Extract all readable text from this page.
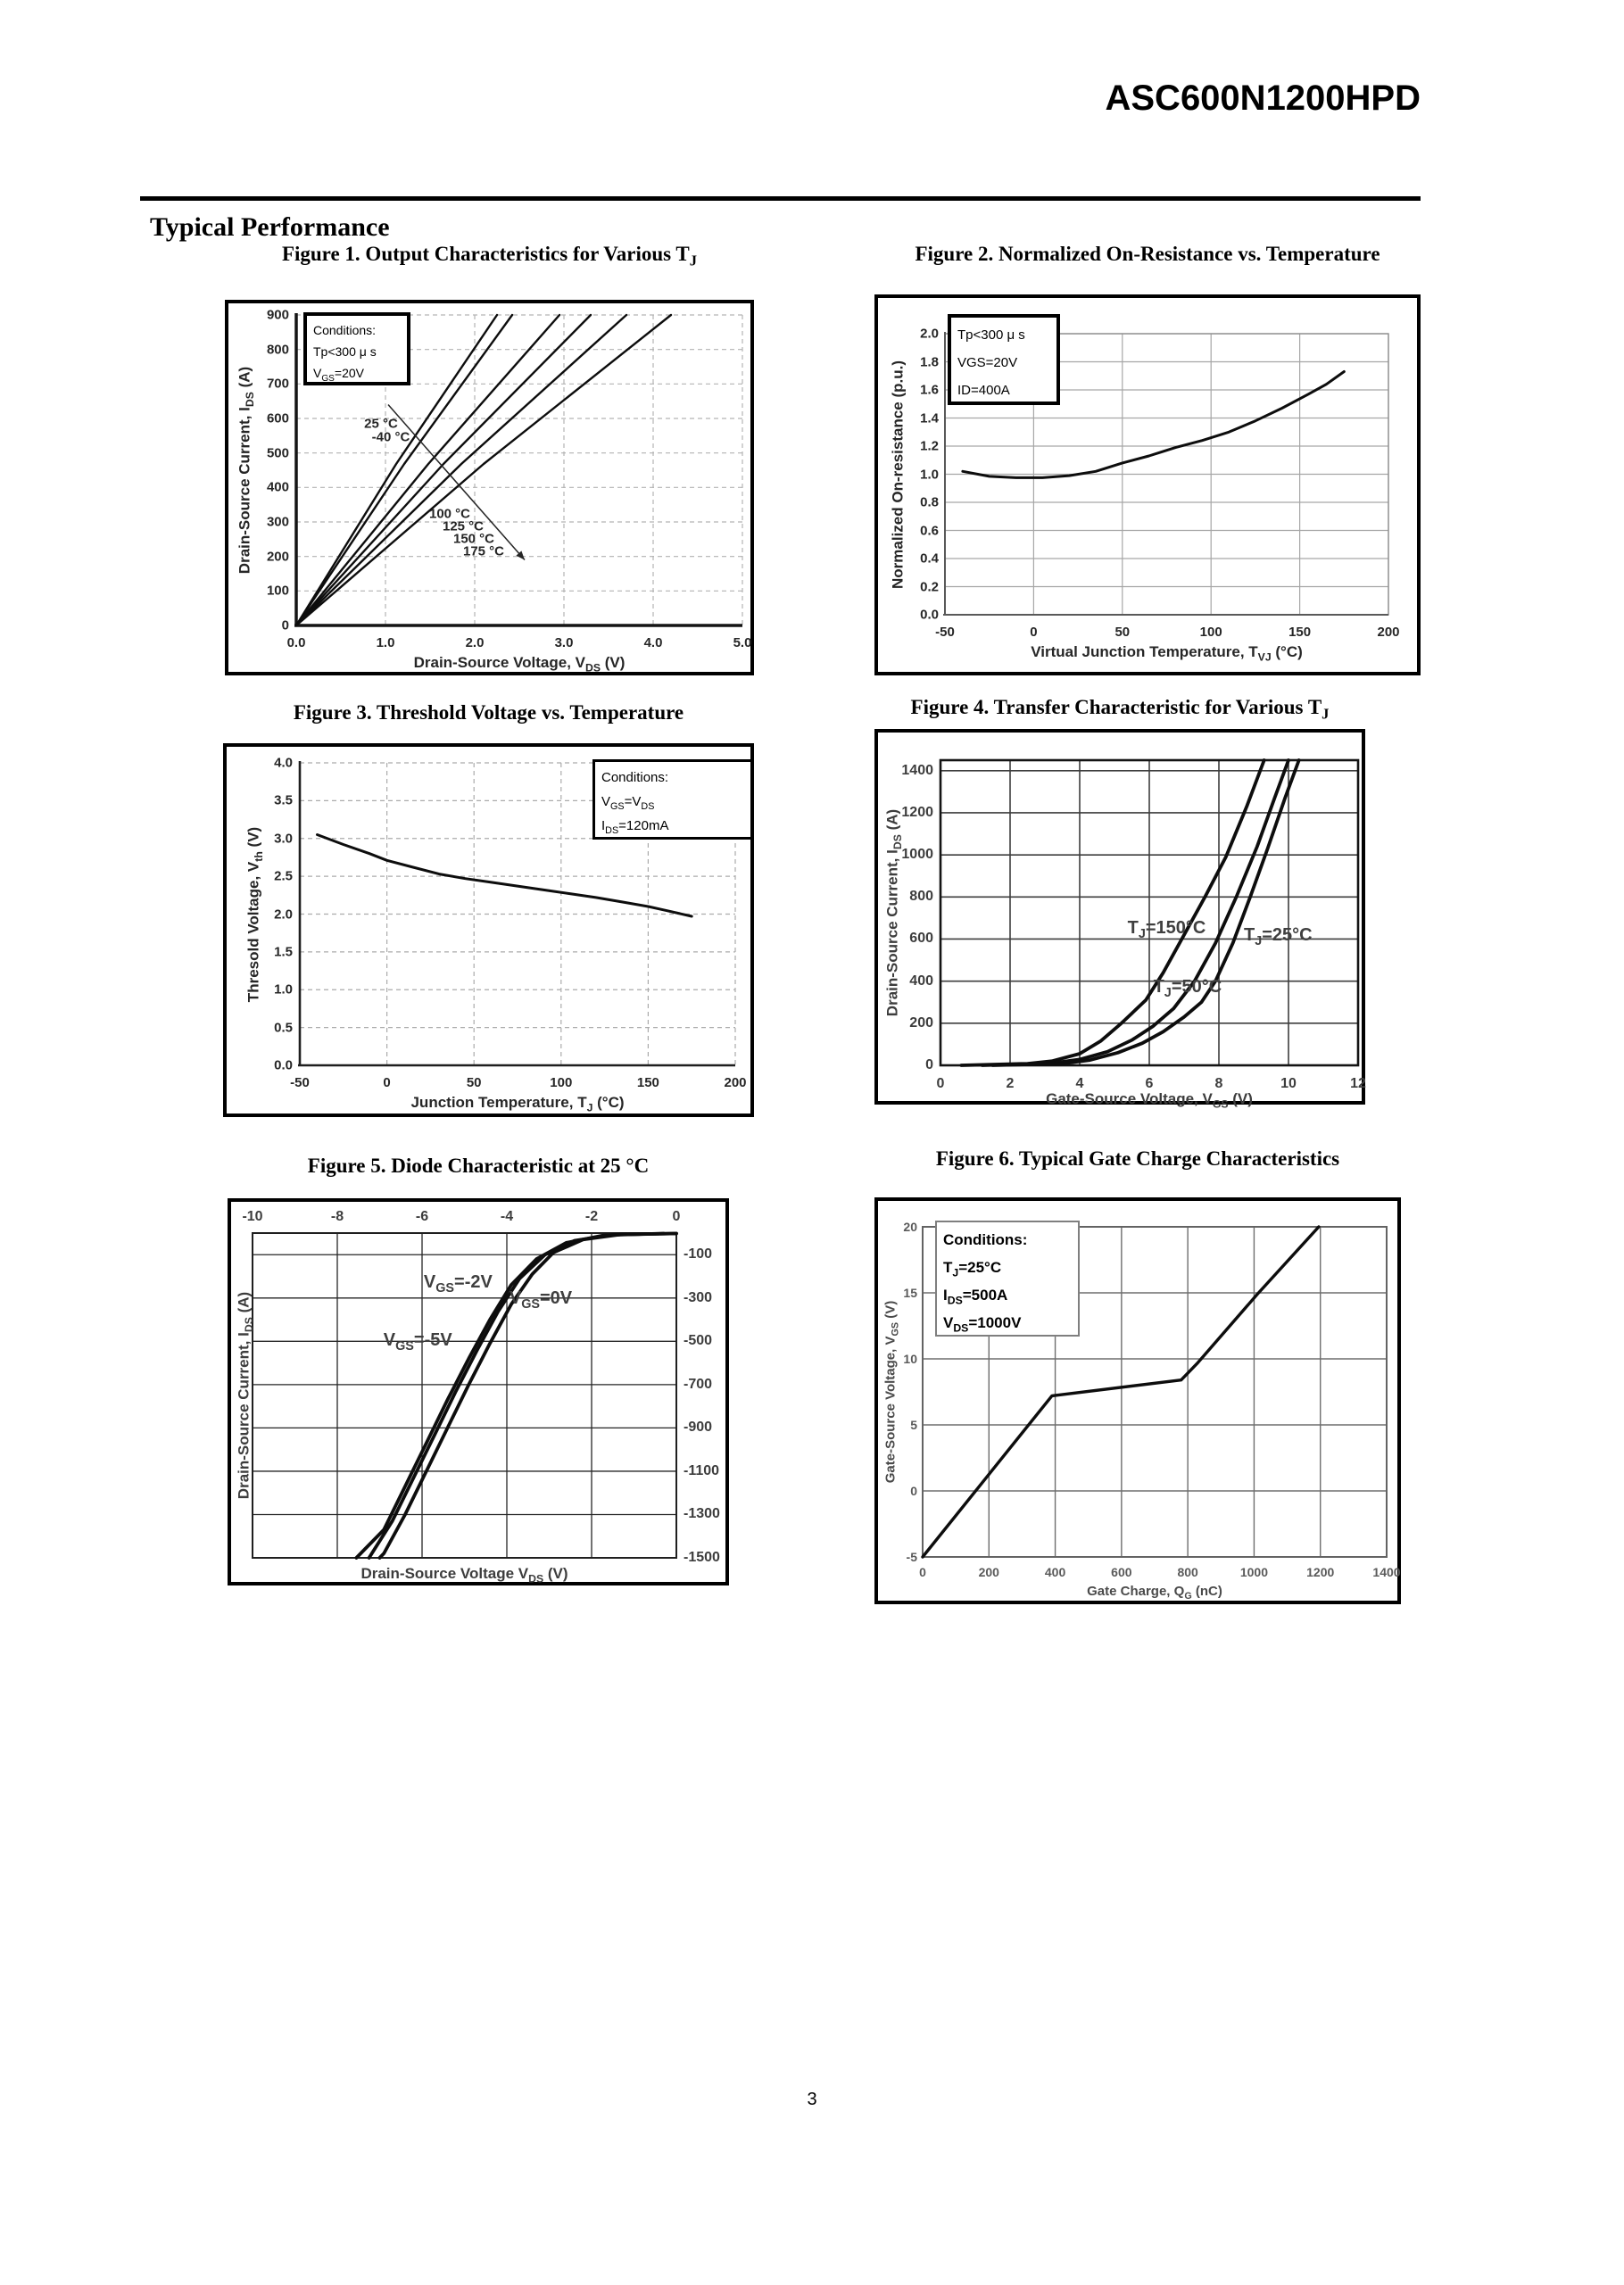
ASC600N1200HPD
Typical Performance
Figure 1. Output Characteristics for Various $T_J$
0.0	1.0	2.0	3.0	4.0	5.0
0
100
200
300
400
500
600
700
800
900
Drain-Source Voltage, $V_{DS}$ (V)
Drain-Source Current, $I_{DS}$ (A)
Conditions:
Tp<300 μ s
$V_{GS}=20V$
25 °C
-40 °C
100 °C
125 °C
150 °C
175 °C
Figure 2. Normalized On-Resistance vs. Temperature
-50	0	50	100	150	200
0.0
0.2
0.4
0.6
0.8
1.0
1.2
1.4
1.6
1.8
2.0
Virtual Junction Temperature, $T_{VJ}$ (°C)
Normalized On-resistance (p.u.)
Tp<300 μ s
VGS=20V
ID=400A
Figure 3. Threshold Voltage vs. Temperature
-50	0	50	100	150	200
0.0
0.5
1.0
1.5
2.0
2.5
3.0
3.5
4.0
Junction Temperature, $T_J$ (°C)
Thresold Voltage, $V_{th}$ (V)
Conditions:
$V_{GS}=V_{DS}$
$I_{DS}=120mA$
Figure 4. Transfer Characteristic for Various $T_J$
0	2	4	6	8	10	12
0
200
400
600
800
1000
1200
1400
Gate-Source Voltage, $V_{GS}$ (V)
Drain-Source Current, $I_{DS}$ (A)
$T_J=150^\circ C$ $T_J=25^\circ C$
$T_J=50^\circ C$
Figure 5. Diode Characteristic at 25 °C
-10	-8	-6	-4	-2	0
-100
-300
-500
-700
-900
-1100
-1300
-1500
Drain-Source Voltage $V_{DS}$ (V)
Drain-Source Current, $I_{DS}$ (A)
$V_{GS}=-2V$
$V_{GS}=0V$
$V_{GS}=-5V$
Figure 6. Typical Gate Charge Characteristics
0	200	400	600	800	1000	1200	1400
-5
0
5
10
15
20
Gate Charge, $Q_G$ (nC)
Gate-Source Voltage, $V_{GS}$ (V)
Conditions:
$T_J=25^\circ C$
$I_{DS}=500A$
$V_{DS}=1000V$
3
